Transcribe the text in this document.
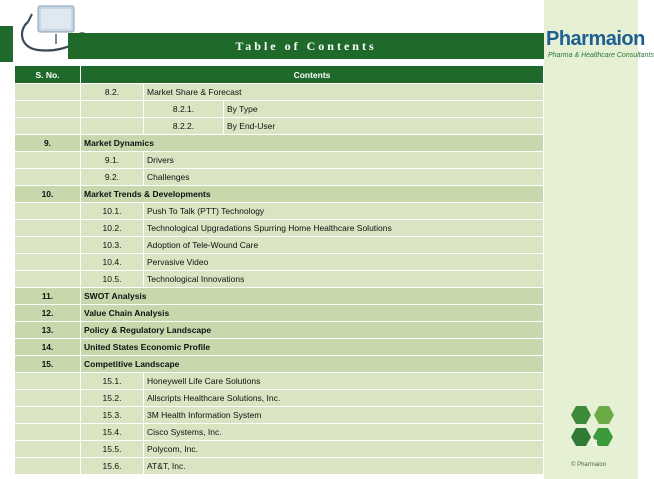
Table of Contents	Pharmaion
Pharma & Healthcare Consultants
S. No.	Contents		
	8.2.	Market Share & Forecast	
		8.2.1.	By Type
		8.2.2.	By End-User
9.	Market Dynamics		
	9.1.	Drivers	
	9.2.	Challenges	
10.	Market Trends & Developments		
	10.1.	Push To Talk (PTT) Technology	
	10.2.	Technological Upgradations Spurring Home Healthcare Solutions	
	10.3.	Adoption of Tele-Wound Care	
	10.4.	Pervasive Video	
	10.5.	Technological Innovations	
11.	SWOT Analysis		
12.	Value Chain Analysis		
13.	Policy & Regulatory Landscape		
14.	United States Economic Profile		
15.	Competitive Landscape		
	15.1.	Honeywell Life Care Solutions	
	15.2.	Allscripts Healthcare Solutions, Inc.	
	15.3.	3M Health Information System	
	15.4.	Cisco Systems, Inc.	
	15.5.	Polycom, Inc.	
	15.6.	AT&T, Inc.	
3
© Pharmaion
